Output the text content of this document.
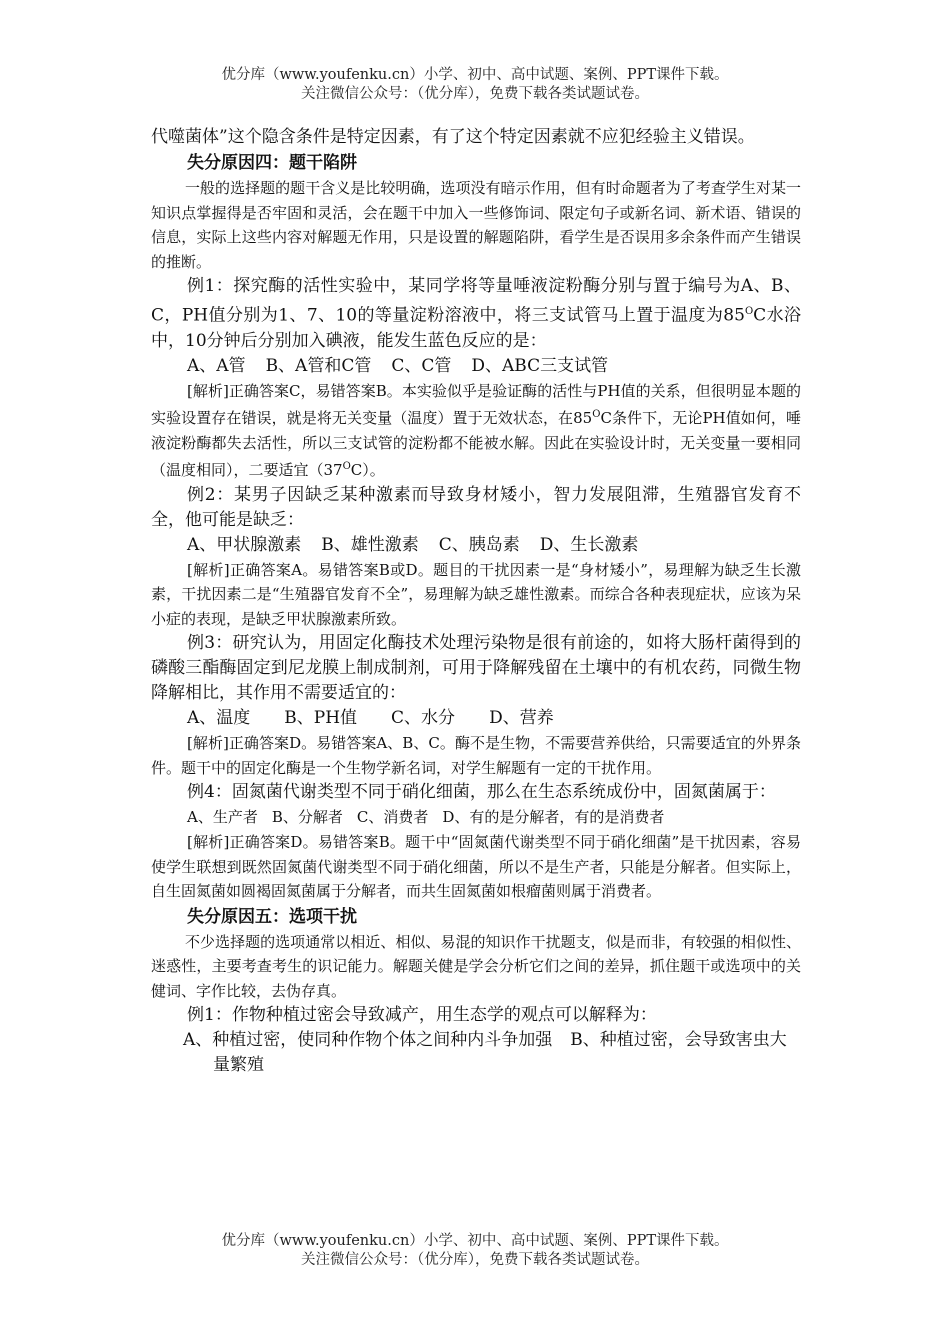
优分库（www.youfenku.cn）小学、初中、高中试题、案例、PPT课件下载。
关注微信公众号：（优分库），免费下载各类试题试卷。

代噬菌体”这个隐含条件是特定因素，有了这个特定因素就不应犯经验主义错误。

失分原因四：题干陷阱

一般的选择题的题干含义是比较明确，选项没有暗示作用，但有时命题者为了考查学生对某一知识点掌握得是否牢固和灵活，会在题干中加入一些修饰词、限定句子或新名词、新术语、错误的信息，实际上这些内容对解题无作用，只是设置的解题陷阱，看学生是否误用多余条件而产生错误的推断。

例1：探究酶的活性实验中，某同学将等量唾液淀粉酶分别与置于编号为A、B、C，PH值分别为1、7、10的等量淀粉溶液中，将三支试管马上置于温度为$85^OC$水浴中，10分钟后分别加入碘液，能发生蓝色反应的是：

A、A管 B、A管和C管 C、C管 D、ABC三支试管

[解析]正确答案C，易错答案B。本实验似乎是验证酶的活性与PH值的关系，但很明显本题的实验设置存在错误，就是将无关变量（温度）置于无效状态，在$85^OC$条件下，无论PH值如何，唾液淀粉酶都失去活性，所以三支试管的淀粉都不能被水解。因此在实验设计时，无关变量一要相同（温度相同），二要适宜$(37^OC)$。

例2：某男子因缺乏某种激素而导致身材矮小，智力发展阻滞，生殖器官发育不全，他可能是缺乏：

A、甲状腺激素 B、雄性激素 C、胰岛素 D、生长激素

[解析]正确答案A。易错答案B或D。题目的干扰因素一是“身材矮小”，易理解为缺乏生长激素，干扰因素二是“生殖器官发育不全”，易理解为缺乏雄性激素。而综合各种表现症状，应该为呆小症的表现，是缺乏甲状腺激素所致。

例3：研究认为，用固定化酶技术处理污染物是很有前途的，如将大肠杆菌得到的磷酸三酯酶固定到尼龙膜上制成制剂，可用于降解残留在土壤中的有机农药，同微生物降解相比，其作用不需要适宜的：

A、温度 B、PH值 C、水分 D、营养

[解析]正确答案D。易错答案A、B、C。酶不是生物，不需要营养供给，只需要适宜的外界条件。题干中的固定化酶是一个生物学新名词，对学生解题有一定的干扰作用。

例4：固氮菌代谢类型不同于硝化细菌，那么在生态系统成份中，固氮菌属于：

A、生产者 B、分解者 C、消费者 D、有的是分解者，有的是消费者

[解析]正确答案D。易错答案B。题干中“固氮菌代谢类型不同于硝化细菌”是干扰因素，容易使学生联想到既然固氮菌代谢类型不同于硝化细菌，所以不是生产者，只能是分解者。但实际上，自生固氮菌如圆褐固氮菌属于分解者，而共生固氮菌如根瘤菌则属于消费者。

失分原因五：选项干扰

不少选择题的选项通常以相近、相似、易混的知识作干扰题支，似是而非，有较强的相似性、迷惑性，主要考查考生的识记能力。解题关健是学会分析它们之间的差异，抓住题干或选项中的关健词、字作比较，去伪存真。

例1：作物种植过密会导致减产，用生态学的观点可以解释为：

A、种植过密，使同种作物个体之间种内斗争加强 B、种植过密，会导致害虫大量繁殖

优分库（www.youfenku.cn）小学、初中、高中试题、案例、PPT课件下载。
关注微信公众号：（优分库），免费下载各类试题试卷。
